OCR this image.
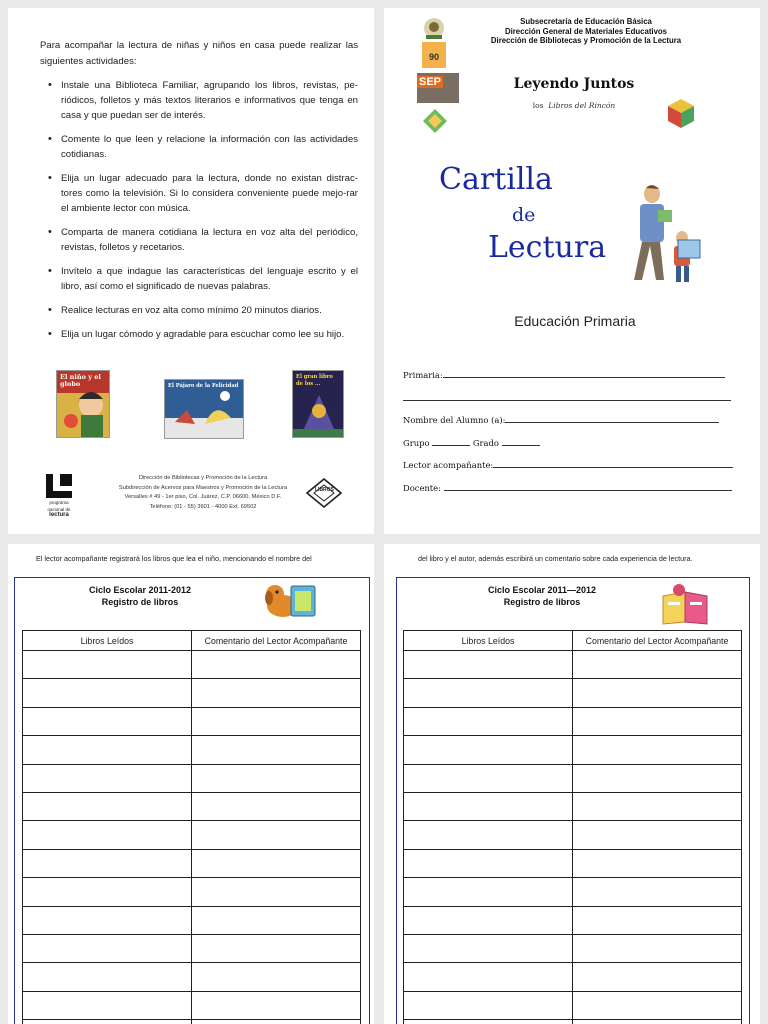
Para acompañar la lectura de niñas y niños en casa puede realizar las siguientes actividades:

• Instale una Biblioteca Familiar, agrupando los libros, revistas, pe-riódicos, folletos y más textos literarios e informativos que tenga en casa y que puedan ser de interés.
• Comente lo que leen y relacione la información con las actividades cotidianas.
• Elija un lugar adecuado para la lectura, donde no existan distrac-tores como la televisión. Si lo considera conveniente puede mejo-rar el ambiente lector con música.
• Comparta de manera cotidiana la lectura en voz alta del periódico, revistas, folletos y recetarios.
• Invítelo a que indague las características del lenguaje escrito y el libro, así como el significado de nuevas palabras.
• Realice lecturas en voz alta como mínimo 20 minutos diarios.
• Elija un lugar cómodo y agradable para escuchar como lee su hijo.
El niño y el globo	El Pájaro de la Felicidad
El gran libro de los ...
programa
nacional de
lectura
Dirección de Bibliotecas y Promoción de la Lectura
Subdirección de Acervos para Maestros y Promoción de la Lectura
Versalles # 49 - 1er piso, Col. Juárez, C.P. 06600, México D.F.
Teléfono: (01 - 55) 3601 - 4000 Ext. 69502
LIBROS
90
SEP
Subsecretaría de Educación Básica
Dirección General de Materiales Educativos
Dirección de Bibliotecas y Promoción de la Lectura
Leyendo Juntos
los Libros del Rincón
Cartilla
de
Lectura
Educación Primaria
Primaria:
Nombre del Alumno (a):
Grupo	Grado
Lector acompañante:
Docente:
El lector acompañante registrará los libros que lea el niño, mencionando el nombre del
Ciclo Escolar 2011-2012
Registro de libros
Libros Leídos	Comentario del Lector Acompañante

del libro y el autor, además escribirá un comentario sobre cada experiencia de lectura.
Ciclo Escolar 2011—2012
Registro de libros
Libros Leídos	Comentario del Lector Acompañante
